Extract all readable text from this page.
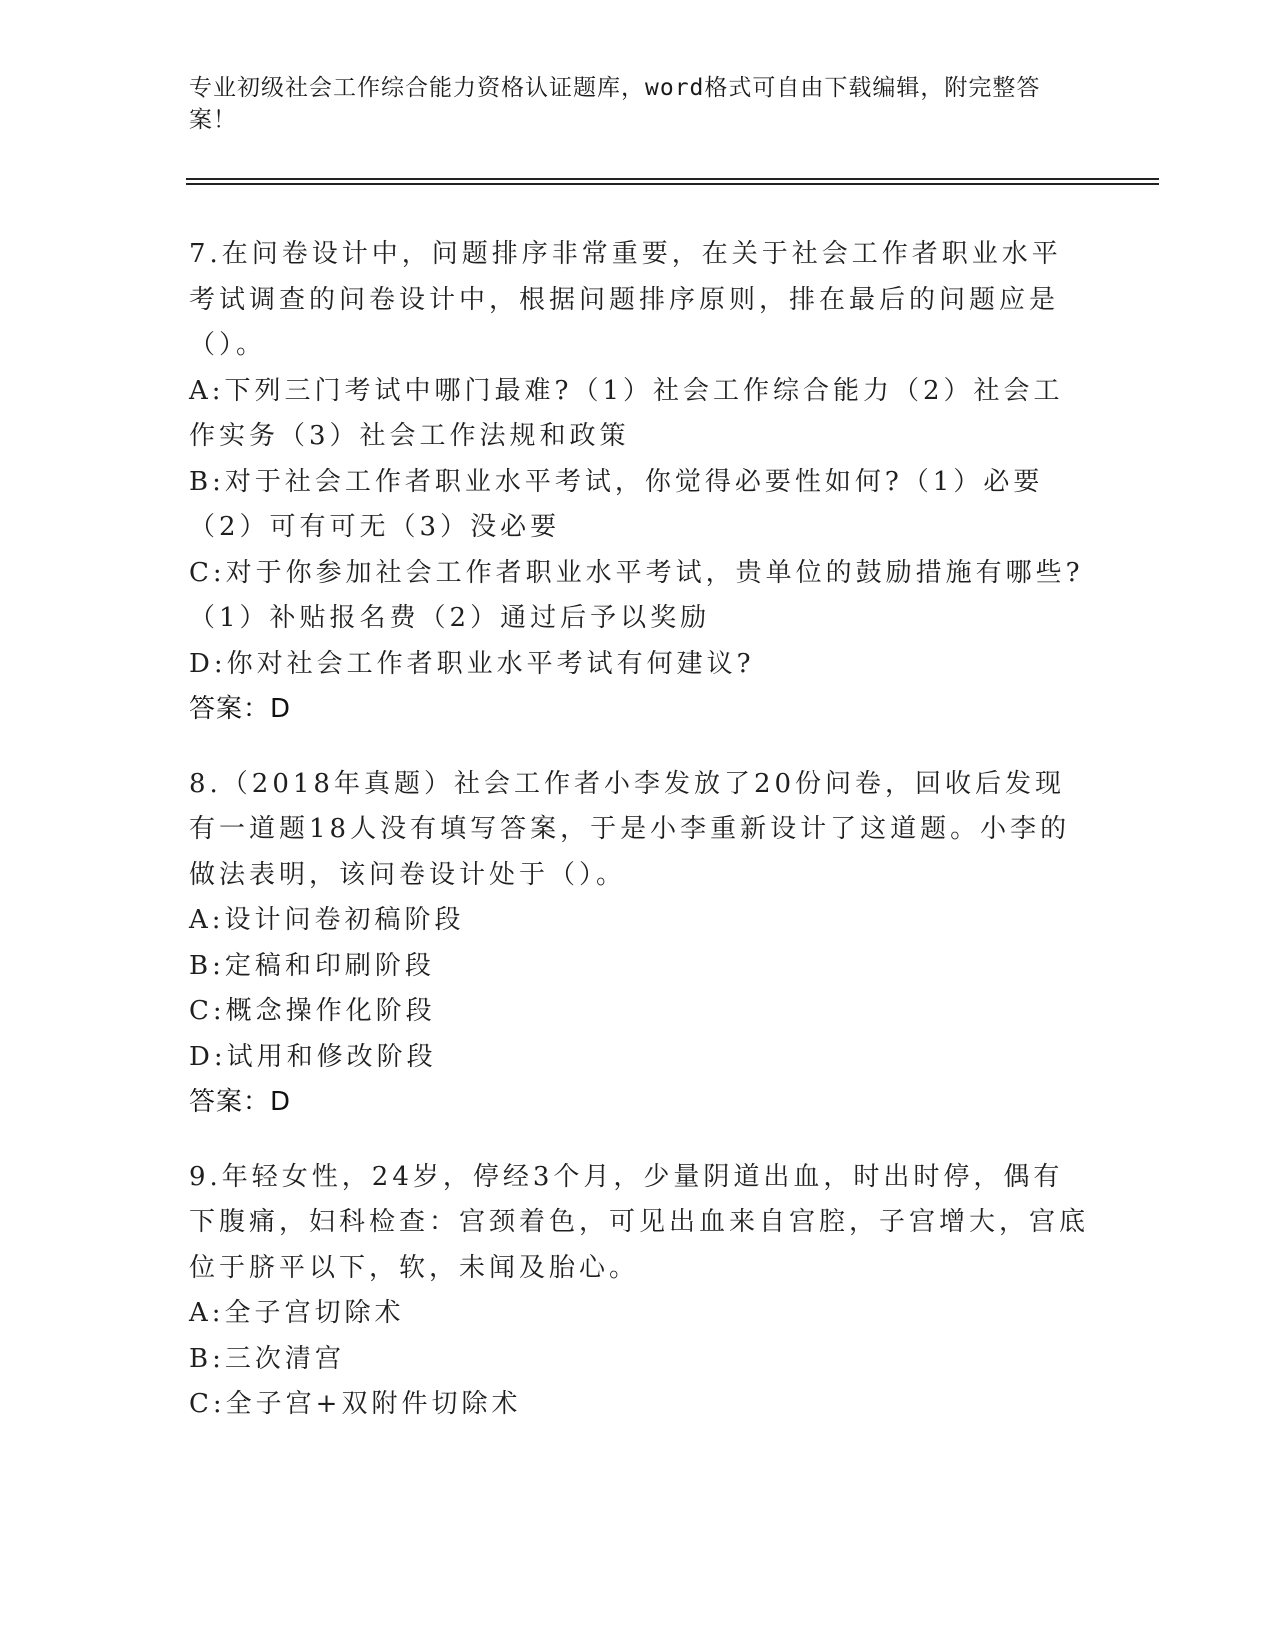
专业初级社会工作综合能力资格认证题库，word格式可自由下载编辑，附完整答案！

7.在问卷设计中，问题排序非常重要，在关于社会工作者职业水平考试调查的问卷设计中，根据问题排序原则，排在最后的问题应是（）。

A:下列三门考试中哪门最难?（1）社会工作综合能力（2）社会工作实务（3）社会工作法规和政策

B:对于社会工作者职业水平考试，你觉得必要性如何?（1）必要（2）可有可无（3）没必要

C:对于你参加社会工作者职业水平考试，贵单位的鼓励措施有哪些?（1）补贴报名费（2）通过后予以奖励

D:你对社会工作者职业水平考试有何建议?

答案：D

8.（2018年真题）社会工作者小李发放了20份问卷，回收后发现有一道题18人没有填写答案，于是小李重新设计了这道题。小李的做法表明，该问卷设计处于（）。

A:设计问卷初稿阶段

B:定稿和印刷阶段

C:概念操作化阶段

D:试用和修改阶段

答案：D

9.年轻女性，24岁，停经3个月，少量阴道出血，时出时停，偶有下腹痛，妇科检查：宫颈着色，可见出血来自宫腔，子宫增大，宫底位于脐平以下，软，未闻及胎心。

A:全子宫切除术

B:三次清宫

C:全子宫+双附件切除术
